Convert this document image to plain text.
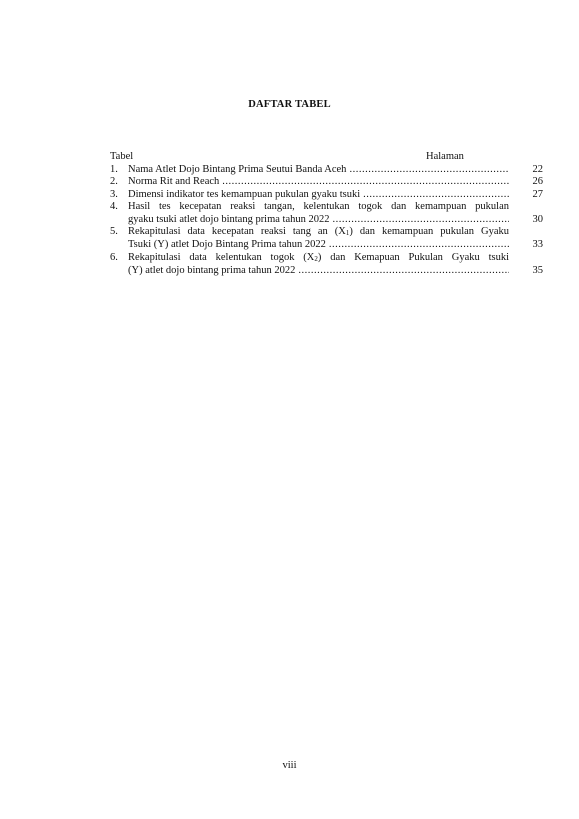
DAFTAR TABEL
Tabel	Halaman
1. Nama Atlet Dojo Bintang Prima Seutui Banda Aceh .....	22
2. Norma Rit and Reach .....	26
3. Dimensi indikator tes kemampuan pukulan gyaku tsuki .....	27
4. Hasil tes kecepatan reaksi tangan, kelentukan togok dan kemampuan pukulan
gyaku tsuki atlet dojo bintang prima tahun 2022 .....	30
5. Rekapitulasi data kecepatan reaksi tang an $(X_1)$ dan kemampuan pukulan Gyaku
Tsuki (Y) atlet Dojo Bintang Prima tahun 2022 .....	33
6. Rekapitulasi data kelentukan togok $(X_2)$ dan Kemapuan Pukulan Gyaku tsuki
(Y) atlet dojo bintang prima tahun 2022 .....	35
viii
